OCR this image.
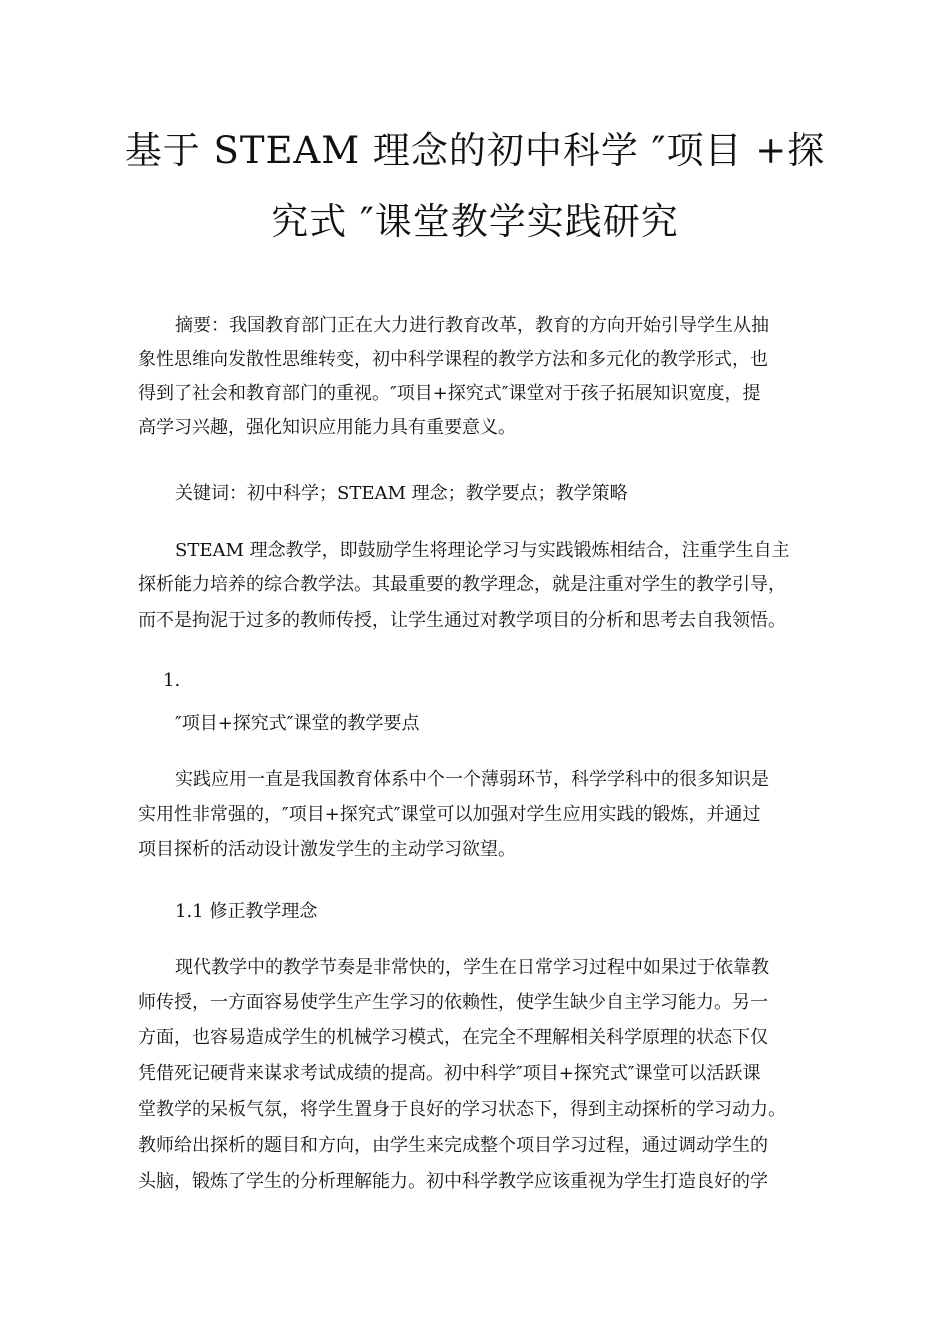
基于 STEAM 理念的初中科学 ″项目 +探
究式 ″课堂教学实践研究
摘要：我国教育部门正在大力进行教育改革，教育的方向开始引导学生从抽
象性思维向发散性思维转变，初中科学课程的教学方法和多元化的教学形式，也
得到了社会和教育部门的重视。″项目+探究式″课堂对于孩子拓展知识宽度，提
高学习兴趣，强化知识应用能力具有重要意义。
关键词：初中科学；STEAM 理念；教学要点；教学策略
STEAM 理念教学，即鼓励学生将理论学习与实践锻炼相结合，注重学生自主
探析能力培养的综合教学法。其最重要的教学理念，就是注重对学生的教学引导，
而不是拘泥于过多的教师传授，让学生通过对教学项目的分析和思考去自我领悟。
1.
″项目+探究式″课堂的教学要点
实践应用一直是我国教育体系中个一个薄弱环节，科学学科中的很多知识是
实用性非常强的，″项目+探究式″课堂可以加强对学生应用实践的锻炼，并通过
项目探析的活动设计激发学生的主动学习欲望。
1.1 修正教学理念
现代教学中的教学节奏是非常快的，学生在日常学习过程中如果过于依靠教
师传授，一方面容易使学生产生学习的依赖性，使学生缺少自主学习能力。另一
方面，也容易造成学生的机械学习模式，在完全不理解相关科学原理的状态下仅
凭借死记硬背来谋求考试成绩的提高。初中科学″项目+探究式″课堂可以活跃课
堂教学的呆板气氛，将学生置身于良好的学习状态下，得到主动探析的学习动力。
教师给出探析的题目和方向，由学生来完成整个项目学习过程，通过调动学生的
头脑，锻炼了学生的分析理解能力。初中科学教学应该重视为学生打造良好的学
